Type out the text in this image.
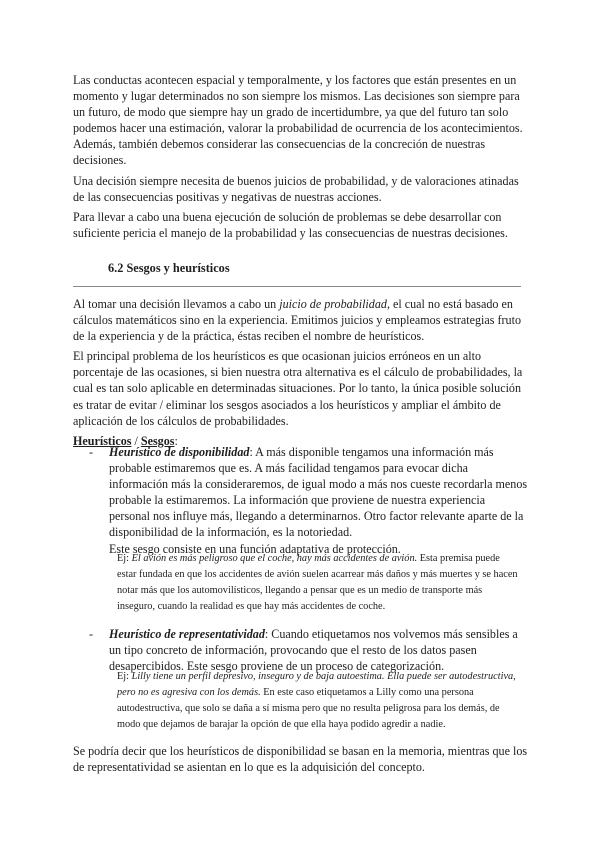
Las conductas acontecen espacial y temporalmente, y los factores que están presentes en un momento y lugar determinados no son siempre los mismos. Las decisiones son siempre para un futuro, de modo que siempre hay un grado de incertidumbre, ya que del futuro tan solo podemos hacer una estimación, valorar la probabilidad de ocurrencia de los acontecimientos. Además, también debemos considerar las consecuencias de la concreción de nuestras decisiones.

Una decisión siempre necesita de buenos juicios de probabilidad, y de valoraciones atinadas de las consecuencias positivas y negativas de nuestras acciones.

Para llevar a cabo una buena ejecución de solución de problemas se debe desarrollar con suficiente pericia el manejo de la probabilidad y las consecuencias de nuestras decisiones.

6.2 Sesgos y heurísticos

Al tomar una decisión llevamos a cabo un juicio de probabilidad, el cual no está basado en cálculos matemáticos sino en la experiencia. Emitimos juicios y empleamos estrategias fruto de la experiencia y de la práctica, éstas reciben el nombre de heurísticos.

El principal problema de los heurísticos es que ocasionan juicios erróneos en un alto porcentaje de las ocasiones, si bien nuestra otra alternativa es el cálculo de probabilidades, la cual es tan solo aplicable en determinadas situaciones. Por lo tanto, la única posible solución es tratar de evitar / eliminar los sesgos asociados a los heurísticos y ampliar el ámbito de aplicación de los cálculos de probabilidades.

Heurísticos / Sesgos:

- Heurístico de disponibilidad: A más disponible tengamos una información más probable estimaremos que es. A más facilidad tengamos para evocar dicha información más la consideraremos, de igual modo a más nos cueste recordarla menos probable la estimaremos. La información que proviene de nuestra experiencia personal nos influye más, llegando a determinarnos. Otro factor relevante aparte de la disponibilidad de la información, es la notoriedad.

Este sesgo consiste en una función adaptativa de protección.

Ej: El avión es más peligroso que el coche, hay más accidentes de avión. Esta premisa puede estar fundada en que los accidentes de avión suelen acarrear más daños y más muertes y se hacen notar más que los automovilísticos, llegando a pensar que es un medio de transporte más inseguro, cuando la realidad es que hay más accidentes de coche.

- Heurístico de representatividad: Cuando etiquetamos nos volvemos más sensibles a un tipo concreto de información, provocando que el resto de los datos pasen desapercibidos. Este sesgo proviene de un proceso de categorización.

Ej: Lilly tiene un perfil depresivo, inseguro y de baja autoestima. Ella puede ser autodestructiva, pero no es agresiva con los demás. En este caso etiquetamos a Lilly como una persona autodestructiva, que solo se daña a sí misma pero que no resulta peligrosa para los demás, de modo que dejamos de barajar la opción de que ella haya podido agredir a nadie.

Se podría decir que los heurísticos de disponibilidad se basan en la memoria, mientras que los de representatividad se asientan en lo que es la adquisición del concepto.
